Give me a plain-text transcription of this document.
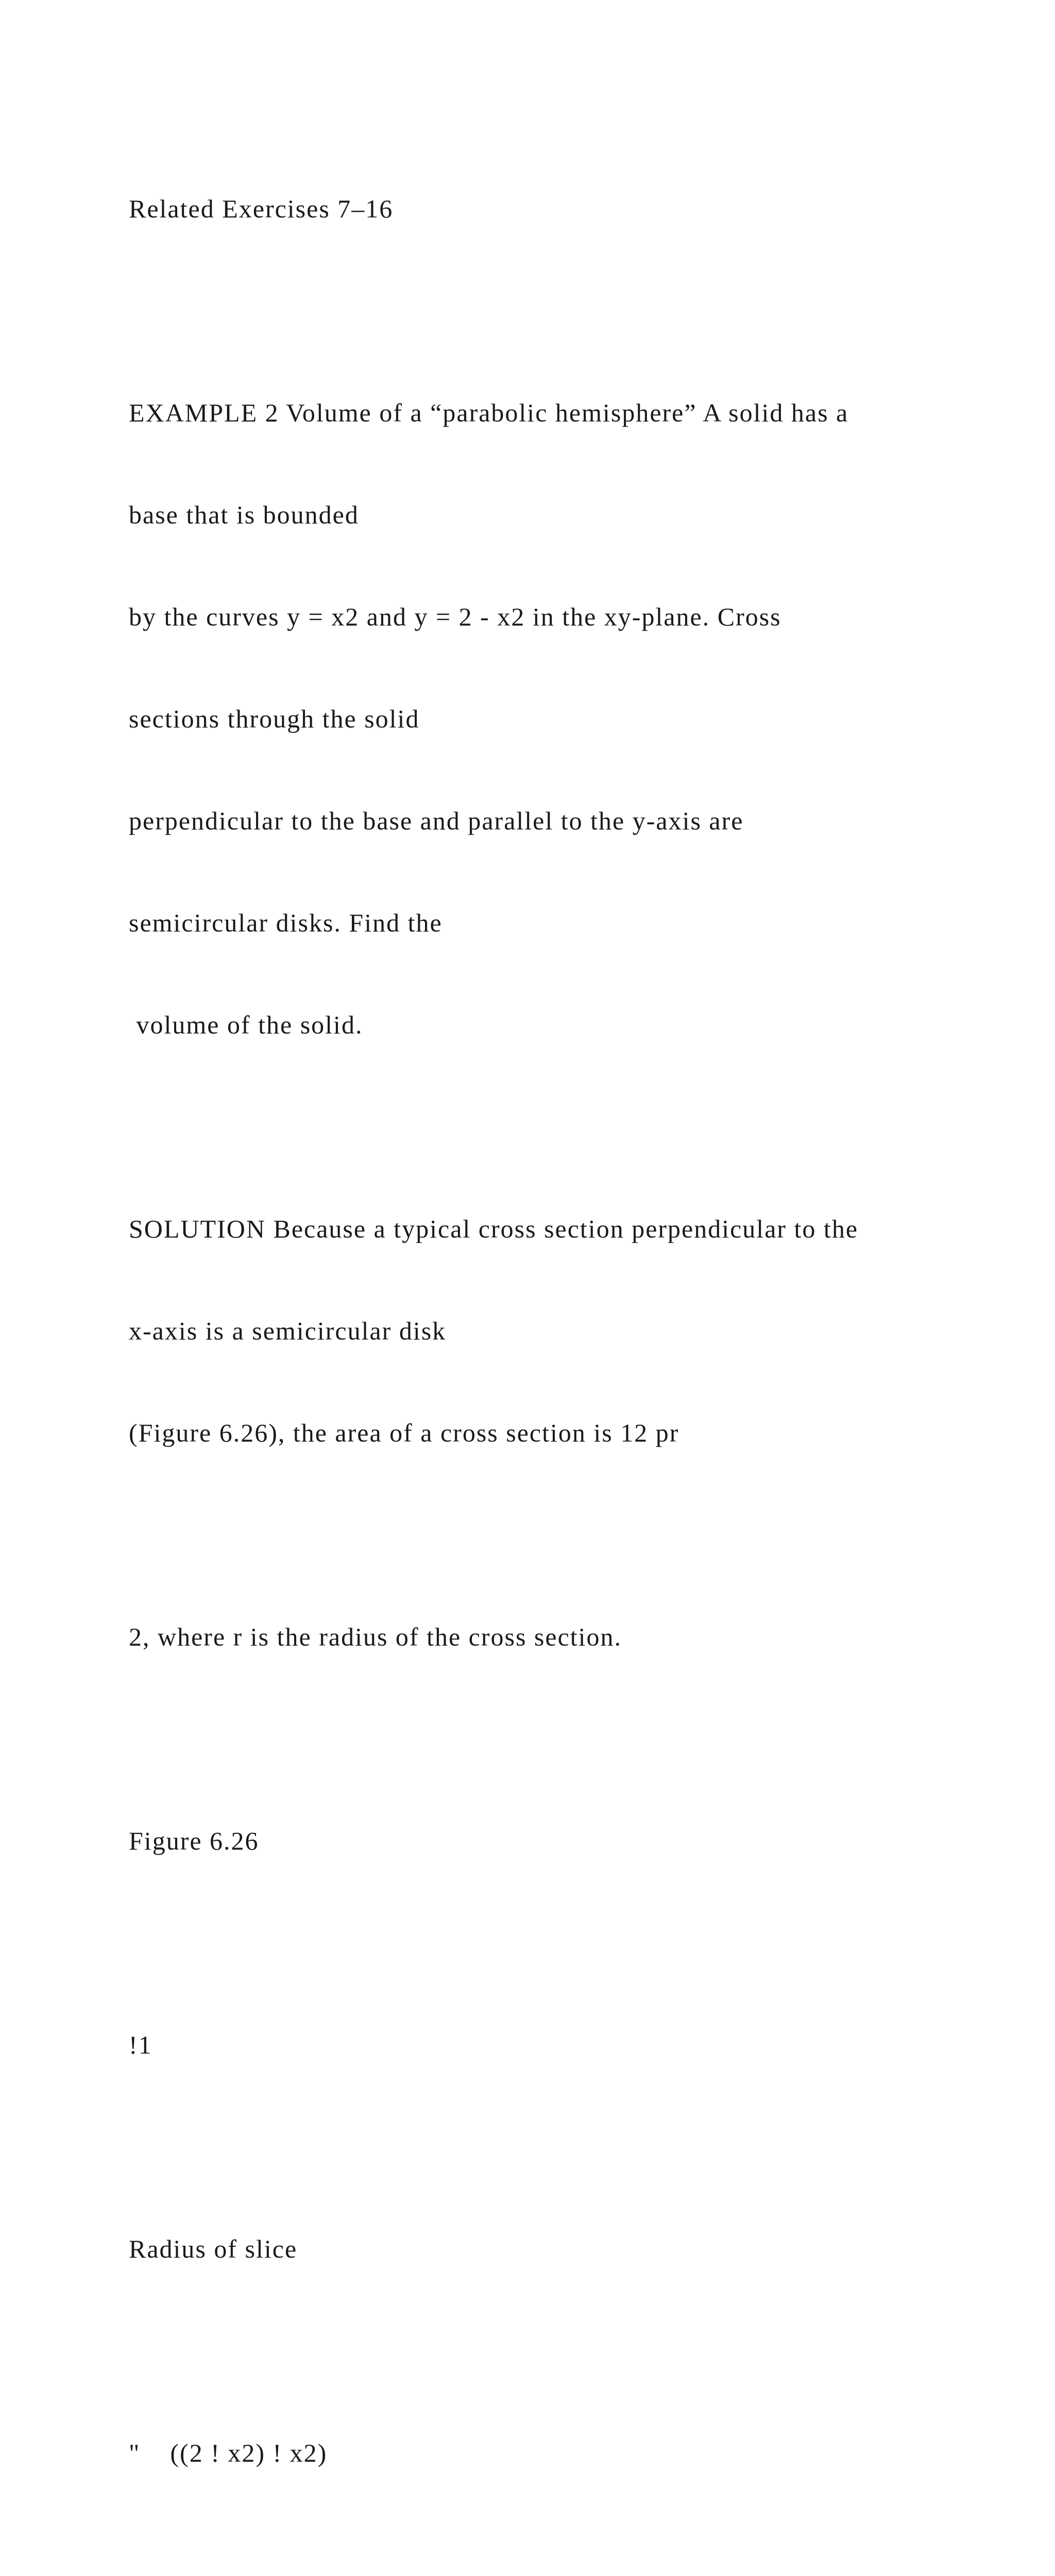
Related Exercises 7–16

EXAMPLE 2 Volume of a “parabolic hemisphere” A solid has a

base that is bounded

by the curves y = x2 and y = 2 - x2 in the xy-plane. Cross

sections through the solid

perpendicular to the base and parallel to the y-axis are

semicircular disks. Find the

volume of the solid.

SOLUTION Because a typical cross section perpendicular to the

x-axis is a semicircular disk

(Figure 6.26), the area of a cross section is 12 pr

2, where r is the radius of the cross section.

Figure 6.26

!1

Radius of slice

"    ((2 ! x2) ! x2)
